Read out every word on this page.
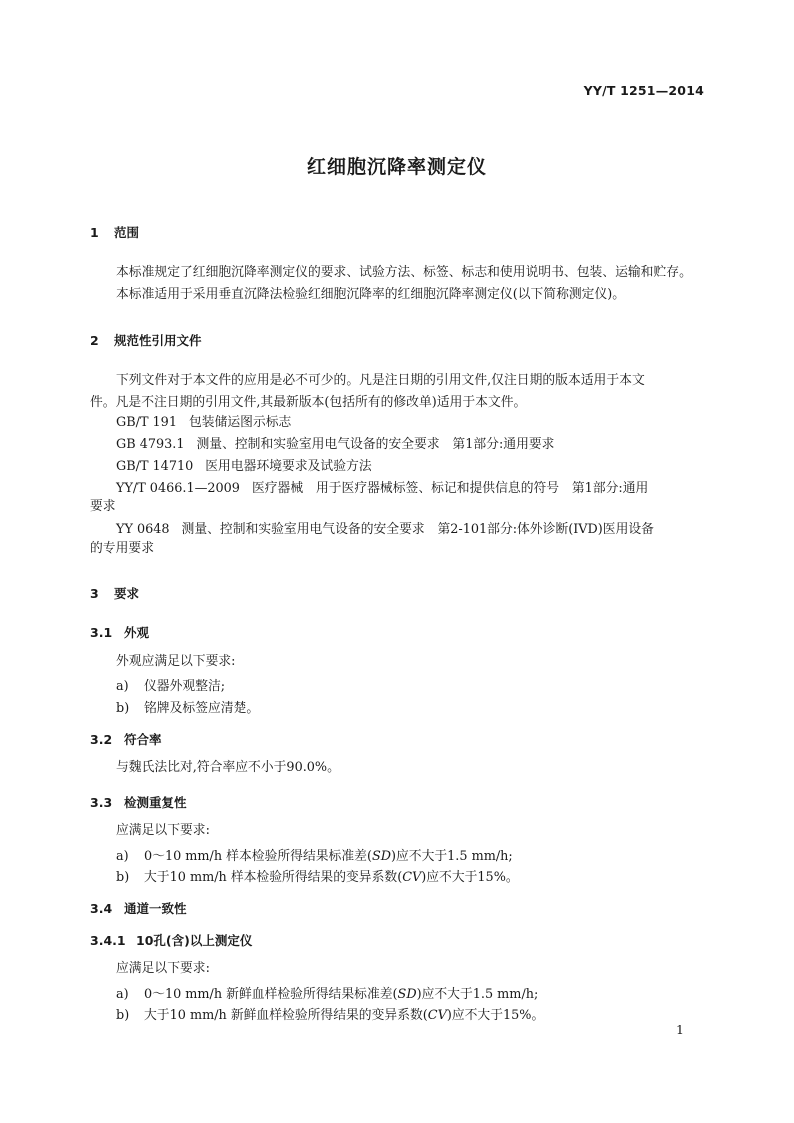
YY/T 1251—2014
红细胞沉降率测定仪
1 范围
本标准规定了红细胞沉降率测定仪的要求、试验方法、标签、标志和使用说明书、包装、运输和贮存。
本标准适用于采用垂直沉降法检验红细胞沉降率的红细胞沉降率测定仪(以下简称测定仪)。
2 规范性引用文件
下列文件对于本文件的应用是必不可少的。凡是注日期的引用文件,仅注日期的版本适用于本文
件。凡是不注日期的引用文件,其最新版本(包括所有的修改单)适用于本文件。
GB/T 191 包装储运图示标志
GB 4793.1 测量、控制和实验室用电气设备的安全要求　第1部分:通用要求
GB/T 14710 医用电器环境要求及试验方法
YY/T 0466.1—2009 医疗器械　用于医疗器械标签、标记和提供信息的符号　第1部分:通用
要求
YY 0648 测量、控制和实验室用电气设备的安全要求　第2-101部分:体外诊断(IVD)医用设备
的专用要求
3 要求
3.1 外观
外观应满足以下要求:
a) 仪器外观整洁;
b) 铭牌及标签应清楚。
3.2 符合率
与魏氏法比对,符合率应不小于90.0%。
3.3 检测重复性
应满足以下要求:
a) 0～10 mm/h 样本检验所得结果标准差(SD)应不大于1.5 mm/h;
b) 大于10 mm/h 样本检验所得结果的变异系数(CV)应不大于15%。
3.4 通道一致性
3.4.1 10孔(含)以上测定仪
应满足以下要求:
a) 0～10 mm/h 新鲜血样检验所得结果标准差(SD)应不大于1.5 mm/h;
b) 大于10 mm/h 新鲜血样检验所得结果的变异系数(CV)应不大于15%。
1
